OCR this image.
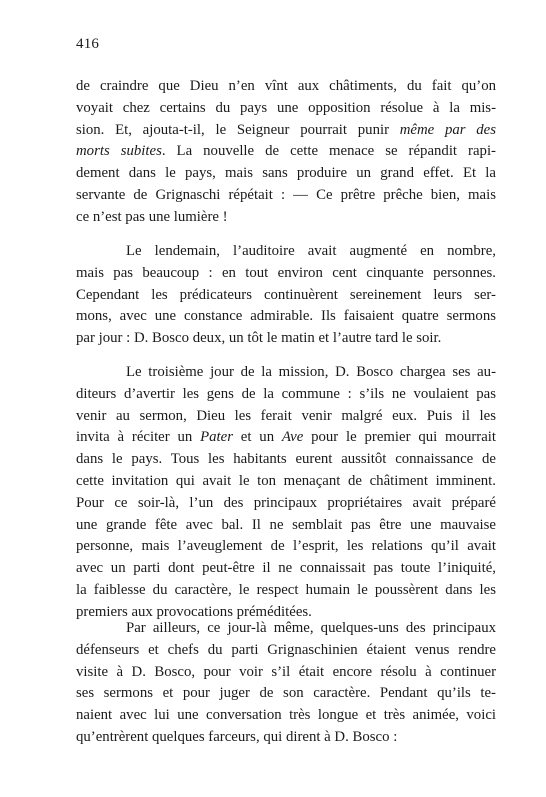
416
de craindre que Dieu n’en vînt aux châtiments, du fait qu’on
voyait chez certains du pays une opposition résolue à la mis-
sion. Et, ajouta-t-il, le Seigneur pourrait punir même par des
morts subites. La nouvelle de cette menace se répandit rapi-
dement dans le pays, mais sans produire un grand effet. Et la
servante de Grignaschi répétait : — Ce prêtre prêche bien, mais
ce n’est pas une lumière !
Le lendemain, l’auditoire avait augmenté en nombre,
mais pas beaucoup : en tout environ cent cinquante personnes.
Cependant les prédicateurs continuèrent sereinement leurs ser-
mons, avec une constance admirable. Ils faisaient quatre sermons
par jour : D. Bosco deux, un tôt le matin et l’autre tard le soir.
Le troisième jour de la mission, D. Bosco chargea ses au-
diteurs d’avertir les gens de la commune : s’ils ne voulaient pas
venir au sermon, Dieu les ferait venir malgré eux. Puis il les
invita à réciter un Pater et un Ave pour le premier qui mourrait
dans le pays. Tous les habitants eurent aussitôt connaissance de
cette invitation qui avait le ton menaçant de châtiment imminent.
Pour ce soir-là, l’un des principaux propriétaires avait préparé
une grande fête avec bal. Il ne semblait pas être une mauvaise
personne, mais l’aveuglement de l’esprit, les relations qu’il avait
avec un parti dont peut-être il ne connaissait pas toute l’iniquité,
la faiblesse du caractère, le respect humain le poussèrent dans les
premiers aux provocations préméditées.
Par ailleurs, ce jour-là même, quelques-uns des principaux
défenseurs et chefs du parti Grignaschinien étaient venus rendre
visite à D. Bosco, pour voir s’il était encore résolu à continuer
ses sermons et pour juger de son caractère. Pendant qu’ils te-
naient avec lui une conversation très longue et très animée, voici
qu’entrèrent quelques farceurs, qui dirent à D. Bosco :
